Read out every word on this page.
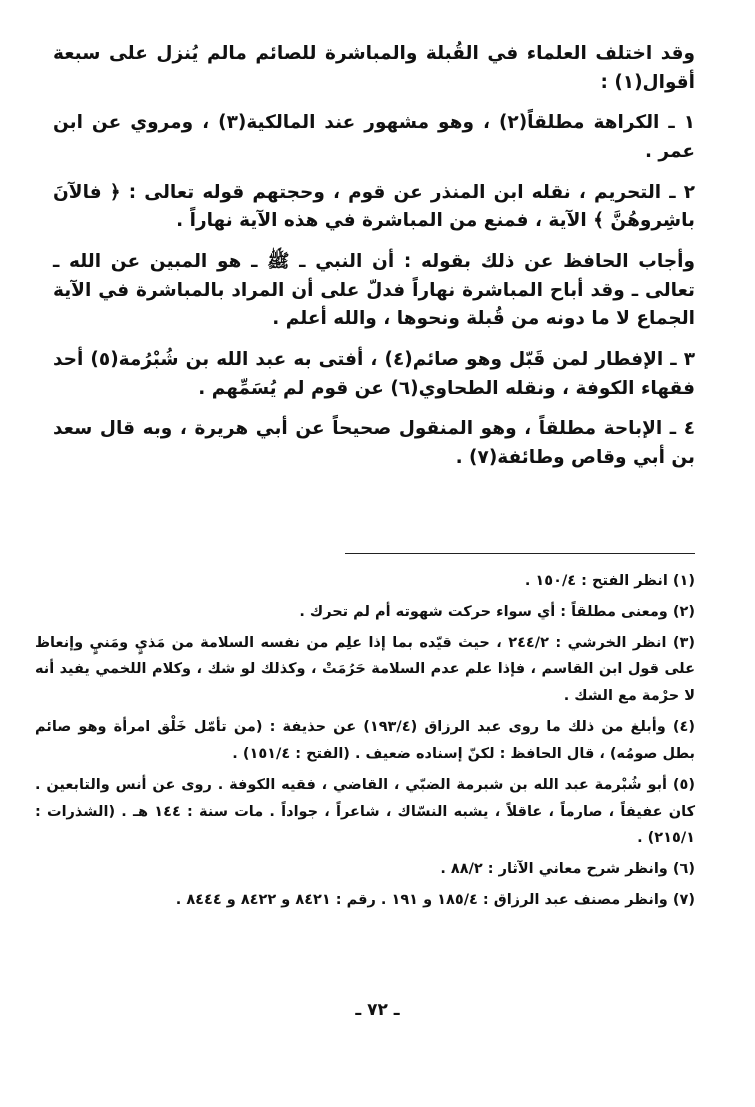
وقد اختلف العلماء في القُبلة والمباشرة للصائم مالم يُنزل على سبعة أقوال(١) :

١ ـ الكراهة مطلقاً(٢) ، وهو مشهور عند المالكية(٣) ، ومروي عن ابن عمر .

٢ ـ التحريم ، نقله ابن المنذر عن قوم ، وحجتهم قوله تعالى : ﴿ فالآنَ باشِروهُنَّ ﴾ الآية ، فمنع من المباشرة في هذه الآية نهاراً .

وأجاب الحافظ عن ذلك بقوله : أن النبي ـ ﷺ ـ هو المبين عن الله ـ تعالى ـ وقد أباح المباشرة نهاراً فدلّ على أن المراد بالمباشرة في الآية الجماع لا ما دونه من قُبلة ونحوها ، والله أعلم .

٣ ـ الإفطار لمن قَبّل وهو صائم(٤) ، أفتى به عبد الله بن شُبْرُمة(٥) أحد فقهاء الكوفة ، ونقله الطحاوي(٦) عن قوم لم يُسَمِّهم .

٤ ـ الإباحة مطلقاً ، وهو المنقول صحيحاً عن أبي هريرة ، وبه قال سعد بن أبي وقاص وطائفة(٧) .

(١) انظر الفتح : ١٥٠/٤ .

(٢) ومعنى مطلقاً : أي سواء حركت شهوته أم لم تحرك .

(٣) انظر الخرشي : ٢٤٤/٢ ، حيث قيّده بما إذا علِم من نفسه السلامة من مَذيٍ ومَنيٍ وإنعاظ على قول ابن القاسم ، فإذا علم عدم السلامة حَرُمَتْ ، وكذلك لو شك ، وكلام اللخمي يفيد أنه لا حرْمة مع الشك .

(٤) وأبلغ من ذلك ما روى عبد الرزاق (١٩٣/٤) عن حذيفة : (من تأمّل خَلْق امرأة وهو صائم بطل صومُه) ، قال الحافظ : لكنّ إسناده ضعيف . (الفتح : ١٥١/٤) .

(٥) أبو شُبْرمة عبد الله بن شبرمة الضبّي ، القاضي ، فقيه الكوفة . روى عن أنس والتابعين . كان عفيفاً ، صارماً ، عاقلاً ، يشبه النسّاك ، شاعراً ، جواداً . مات سنة : ١٤٤ هـ . (الشذرات : ٢١٥/١) .

(٦) وانظر شرح معاني الآثار : ٨٨/٢ .

(٧) وانظر مصنف عبد الرزاق : ١٨٥/٤ و ١٩١ . رقم : ٨٤٢١ و ٨٤٢٢ و ٨٤٤٤ .

ـ ٧٢ ـ
